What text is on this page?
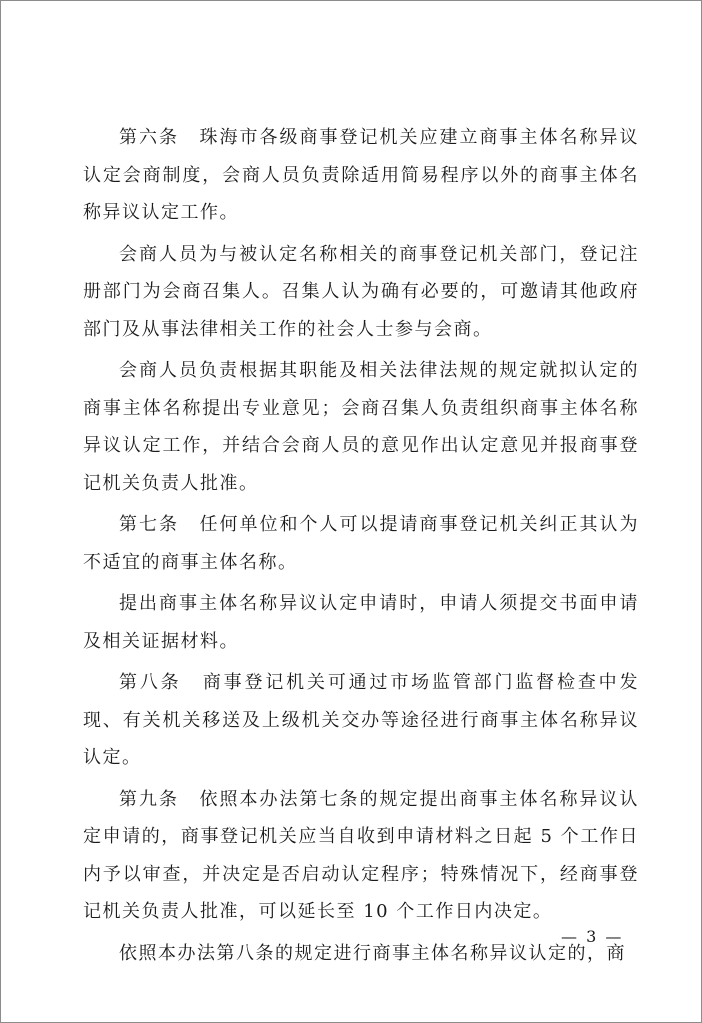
第六条 珠海市各级商事登记机关应建立商事主体名称异议认定会商制度，会商人员负责除适用简易程序以外的商事主体名称异议认定工作。

会商人员为与被认定名称相关的商事登记机关部门，登记注册部门为会商召集人。召集人认为确有必要的，可邀请其他政府部门及从事法律相关工作的社会人士参与会商。

会商人员负责根据其职能及相关法律法规的规定就拟认定的商事主体名称提出专业意见；会商召集人负责组织商事主体名称异议认定工作，并结合会商人员的意见作出认定意见并报商事登记机关负责人批准。

第七条 任何单位和个人可以提请商事登记机关纠正其认为不适宜的商事主体名称。

提出商事主体名称异议认定申请时，申请人须提交书面申请及相关证据材料。

第八条 商事登记机关可通过市场监管部门监督检查中发现、有关机关移送及上级机关交办等途径进行商事主体名称异议认定。

第九条 依照本办法第七条的规定提出商事主体名称异议认定申请的，商事登记机关应当自收到申请材料之日起 5 个工作日内予以审查，并决定是否启动认定程序；特殊情况下，经商事登记机关负责人批准，可以延长至 10 个工作日内决定。

依照本办法第八条的规定进行商事主体名称异议认定的，商

— 3 —
